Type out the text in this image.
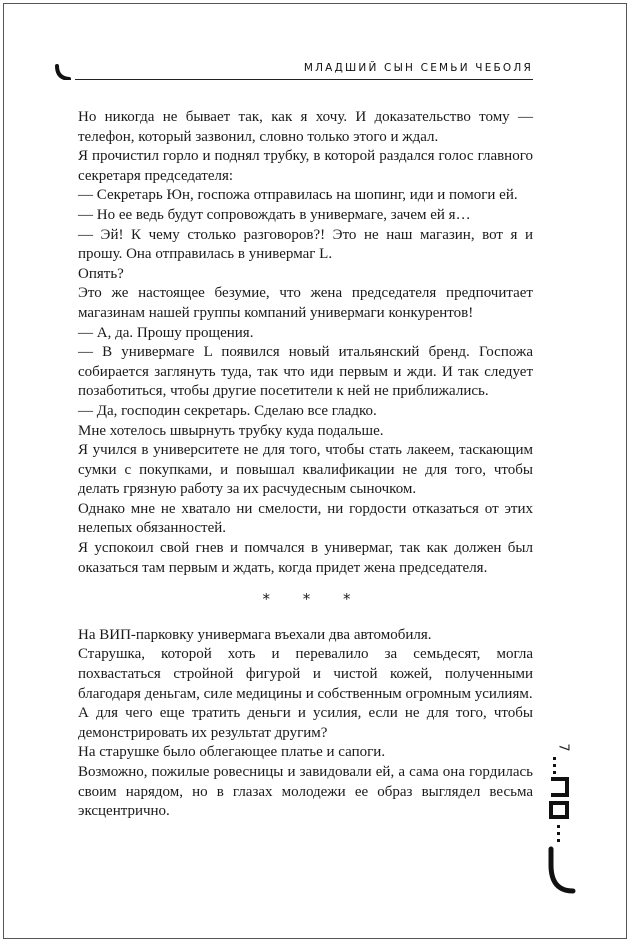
МЛАДШИЙ СЫН СЕМЬИ ЧЕБОЛЯ

Но никогда не бывает так, как я хочу. И доказательство тому — телефон, который зазвонил, словно только этого и ждал.

Я прочистил горло и поднял трубку, в которой раздался голос главного секретаря председателя:

— Секретарь Юн, госпожа отправилась на шопинг, иди и помоги ей.

— Но ее ведь будут сопровождать в универмаге, зачем ей я…

— Эй! К чему столько разговоров?! Это не наш магазин, вот я и прошу. Она отправилась в универмаг L.

Опять?

Это же настоящее безумие, что жена председателя предпочитает магазинам нашей группы компаний универмаги конкурентов!

— А, да. Прошу прощения.

— В универмаге L появился новый итальянский бренд. Госпожа собирается заглянуть туда, так что иди первым и жди. И так следует позаботиться, чтобы другие посетители к ней не приближались.

— Да, господин секретарь. Сделаю все гладко.

Мне хотелось швырнуть трубку куда подальше.

Я учился в университете не для того, чтобы стать лакеем, таскающим сумки с покупками, и повышал квалификации не для того, чтобы делать грязную работу за их расчудесным сыночком.

Однако мне не хватало ни смелости, ни гордости отказаться от этих нелепых обязанностей.

Я успокоил свой гнев и помчался в универмаг, так как должен был оказаться там первым и ждать, когда придет жена председателя.

* * *

На ВИП-парковку универмага въехали два автомобиля.

Старушка, которой хоть и перевалило за семьдесят, могла похвастаться стройной фигурой и чистой кожей, полученными благодаря деньгам, силе медицины и собственным огромным усилиям.

А для чего еще тратить деньги и усилия, если не для того, чтобы демонстрировать их результат другим?

На старушке было облегающее платье и сапоги.

Возможно, пожилые ровесницы и завидовали ей, а сама она гордилась своим нарядом, но в глазах молодежи ее образ выглядел весьма эксцентрично.

7
